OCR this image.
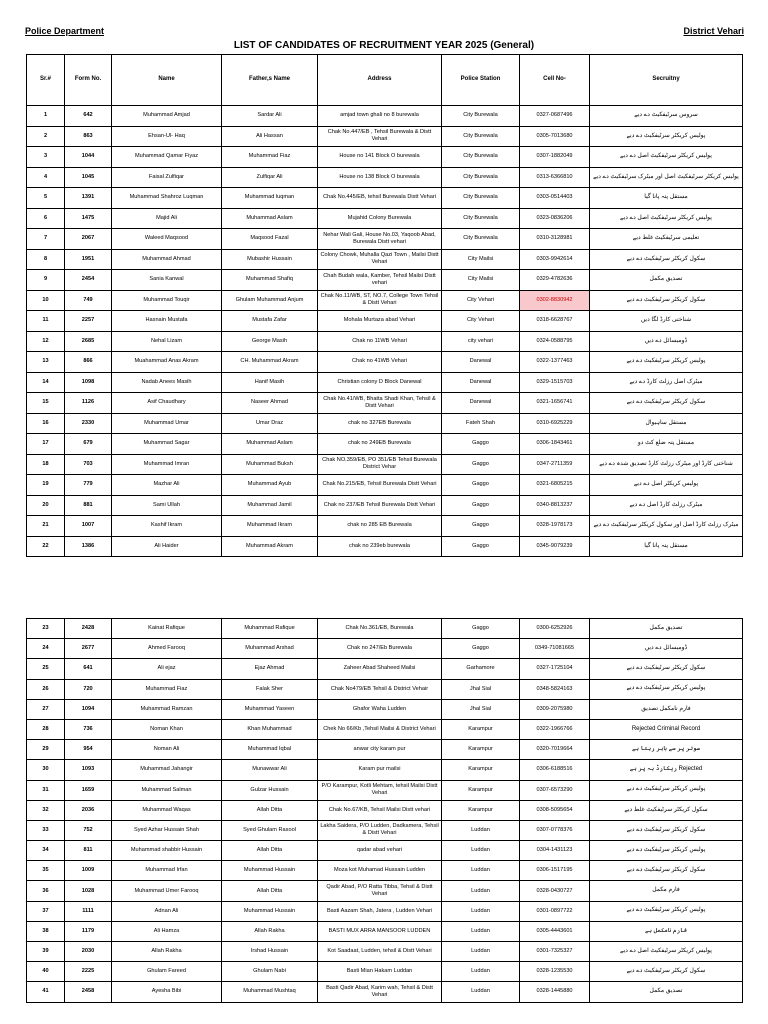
Police Department	District Vehari
LIST OF CANDIDATES OF RECRUITMENT YEAR 2025 (General)
Sr.#	Form No.	Name	Father,s Name	Address	Police Station	Cell No-	Secruitny
1	642	Muhammad Amjad	Sardar Ali	amjad town ghali no 8 burewala	City Burewala	0327-0687496	سروس سرٹیفکیٹ دے دیے
2	863	Ehsan-Ul- Haq	Ali Hassan	Chak No.447/EB , Tehsil Burewala & Distt Vehari	City Burewala	0305-7013680	پولیس کریکٹر سرٹیفکیٹ دے دیے
3	1044	Muhammad Qamar Fiyaz	Muhammad Fiaz	House no 141 Block O burewala	City Burewala	0307-1882049	پولیس کریکٹر سرٹیفکیٹ اصل دے دیے
4	1045	Faisal Zulfiqar	Zulfiqar Ali	House no 138 Block O burewala	City Burewala	0313-6366810	پولیس کریکٹر سرٹیفکیٹ اصل اور میٹرک سرٹیفکیٹ دے دیے
5	1391	Muhammad Shahroz Luqman	Muhammad luqman	Chak No.445/EB, tehsil Burewala Distt Vehari	City Burewala	0303-0514403	مستقل پتہ پانا گیا
6	1475	Majid Ali	Muhammad Aslam	Mujahid Colony Burewala	City Burewala	0323-0836206	پولیس کریکٹر سرٹیفکیٹ اصل دے دیے
7	2067	Waleed Maqsood	Maqsood Fazal	Nehar Wali Gali, House No.03, Yaqoob Abad, Burewala Distt vehari	City Burewala	0310-3128981	تعلیمی سرٹیفکیٹ غلط دیے
8	1951	Muhammad Ahmad	Mubashir Hussain	Colony Chowk, Muhalla Qazi Town , Mailsi Distt Vehari	City Mailsi	0303-9942614	سکول کریکٹر سرٹیفکیٹ دے دیے
9	2454	Sania Kanwal	Muhammad Shafiq	Chah Budah wala, Kamber, Tehsil Mailsi Distt vehari	City Mailsi	0329-4782636	تصدیق مکمل
10	749	Muhammad Touqir	Ghulam Muhammad Anjum	Chak No.11/WB, ST, NO.7, College Town Tehsil & Distt Vehari	City Vehari	0302-8830942	سکول کریکٹر سرٹیفکیٹ دے دیے
11	2257	Hasnain Mustafa	Mustafa Zafar	Mohala Murtaza abad Vehari	City Vehari	0318-6628767	شناختی کارڈ لگا دیں
12	2685	Nehal Lizam	George Masih	Chak no 11WB Vehari	city vehari	0324-0588795	ڈومیسائل دے دیں
13	866	Muahammad Anas Akram	CH. Muhammad Akram	Chak no 41WB Vehari	Danewal	0322-1377463	پولیس کریکٹر سرٹیفکیٹ دے دیے
14	1098	Nadab Anees Masih	Hanif Masih	Christian colony D Block Danewal	Danewal	0329-1515703	میٹرک اصل رزلٹ کارڈ دے دیے
15	1126	Asif Chaudhary	Naseer Ahmad	Chak No.41/WB, Bhatta Shadi Khan, Tehsil & Distt Vehari	Danewal	0321-1656741	سکول کریکٹر سرٹیفکیٹ دے دیے
16	2330	Muhammad Umar	Umar Draz	chak no 327EB Burewala	Fateh Shah	0310-6925229	مستقل ساہیوال
17	679	Muhammad Sagar	Muhammad Aslam	chak no 249EB Burewala	Gaggo	0306-1843461	مستقل پتہ ضلع کٹ دو
18	703	Muhammad Imran	Muhammad Buksh	Chak NO.359/EB, PO 351/EB Tehsil Burewala District Vehar	Gaggo	0347-2711359	شناختی کارڈ اور میٹرک رزلٹ کارڈ تصدیق شدہ دے دیے
19	779	Mazhar Ali	Muhammad Ayub	Chak No.215/EB, Tehsil Burewala Distt Vehari	Gaggo	0321-6805215	پولیس کریکٹر اصل دے دیے
20	881	Sami Ullah	Muhammad Jamil	Chak no 237/EB Tehsil Burewala Distt Vehari	Gaggo	0340-8813237	میٹرک رزلٹ کارڈ اصل دے دیے
21	1007	Kashif Ikram	Muhammad Ikram	chak no 285 EB Burewala	Gaggo	0328-1978173	میٹرک رزلٹ کارڈ اصل اور سکول کریکٹر سرٹیفکیٹ دے دیے
22	1386	Ali Haider	Muhammad Akram	chak no 239eb burewala	Gaggo	0345-9079239	مستقل پتہ پانا گیا
23	2428	Kainat Rafique	Muhammad Rafique	Chak No.361/EB, Burewala	Gaggo	0300-6252926	تصدیق مکمل
24	2677	Ahmed Farooq	Muhammad Arshad	Chak no 247/Eb Burewala	Gaggo	0349-71081665	ڈومیسائل دے دیں
25	641	Ali ejaz	Ejaz Ahmad	Zaheer Abad Shaheed Mailsi	Garhamore	0327-1725104	سکول کریکٹر سرٹیفکیٹ دے دیے
26	720	Muhammad Fiaz	Falak Sher	Chak No479/EB Tehsil & District Vehair	Jhal Sial	0348-5824163	پولیس کریکٹر سرٹیفکیٹ دے دیے
27	1094	Muhammad Ramzan	Muhammad Yaseen	Ghafor Waha Ludden	Jhal Sial	0309-2075980	فارم نامکمل تصدیق
28	736	Noman Khan	Khan Muhammad	Chek No 66/Kb ,Tehsil Mailsi & District Vehari	Karampur	0322-1966766	Rejected Criminal Record
29	954	Noman Ali	Muhammad Iqbal	anwar city karam pur	Karampur	0320-7019664	سوتر پر سے باہر رہتا ہے
30	1093	Muhammad Jahangir	Munawwar Ali	Karam pur mailsi	Karampur	0306-6188516	Rejected ریکارڈ بہ پر ہے
31	1659	Muhammad Salman	Gulzar Hussain	P/O Karampur, Kotli Mehtam, tehsil Mailsi Distt Vehari	Karampur	0307-6573290	پولیس کریکٹر سرٹیفکیٹ دے دیے
32	2036	Muhammad Waqas	Allah Ditta	Chak No.67/KB, Tehsil Mailsi Distt vehari	Karampur	0308-5095654	سکول کریکٹر سرٹیفکیٹ غلط دیے
33	752	Syed Azhar Hussain Shah	Syed Ghulam Rasool	Lakha Saidera, P/O Ludden, Dadkamera, Tehsil & Distt Vehari	Luddan	0307-0778376	سکول کریکٹر سرٹیفکیٹ دے دیے
34	811	Muhammad shabbir Hussain	Allah Ditta	qadar abad vehari	Luddan	0304-1431123	پولیس کریکٹر سرٹیفکیٹ دے دیے
35	1009	Muhammad Irfan	Muhammad Hussain	Moza kot Muhamad Hussain Ludden	Luddan	0306-1517195	سکول کریکٹر سرٹیفکیٹ دے دیے
36	1028	Muhammad Umer Farooq	Allah Ditta	Qadir Abad, P/O Ratta Tibba, Tehsil & Distt Vehari	Luddan	0328-0430727	فارم مکمل
37	1111	Adnan Ali	Muhammad Hussain	Basti Aazam Shah, Jatera , Ludden Vehari	Luddan	0301-0897722	پولیس کریکٹر سرٹیفکیٹ دے دیے
38	1179	Ali Hamza	Allah Rakha	BASTI MUX ARRA MANSOOR LUDDEN	Luddan	0305-4443601	فارم نامکمل ہے
39	2030	Allah Rakha	Irshad Hussain	Kot Saadaat, Ludden, tehsil & Distt Vehari	Luddan	0301-7325327	پولیس کریکٹر سرٹیفکیٹ اصل دے دیے
40	2225	Ghulam Fareed	Ghulam Nabi	Basti Mian Hakam Luddan	Luddan	0328-1235530	سکول کریکٹر سرٹیفکیٹ دے دیے
41	2458	Ayesha Bibi	Muhammad Mushtaq	Basti Qadir Abad, Karim wah, Tehsil & Distt Vehari	Luddan	0328-1445880	تصدیق مکمل
